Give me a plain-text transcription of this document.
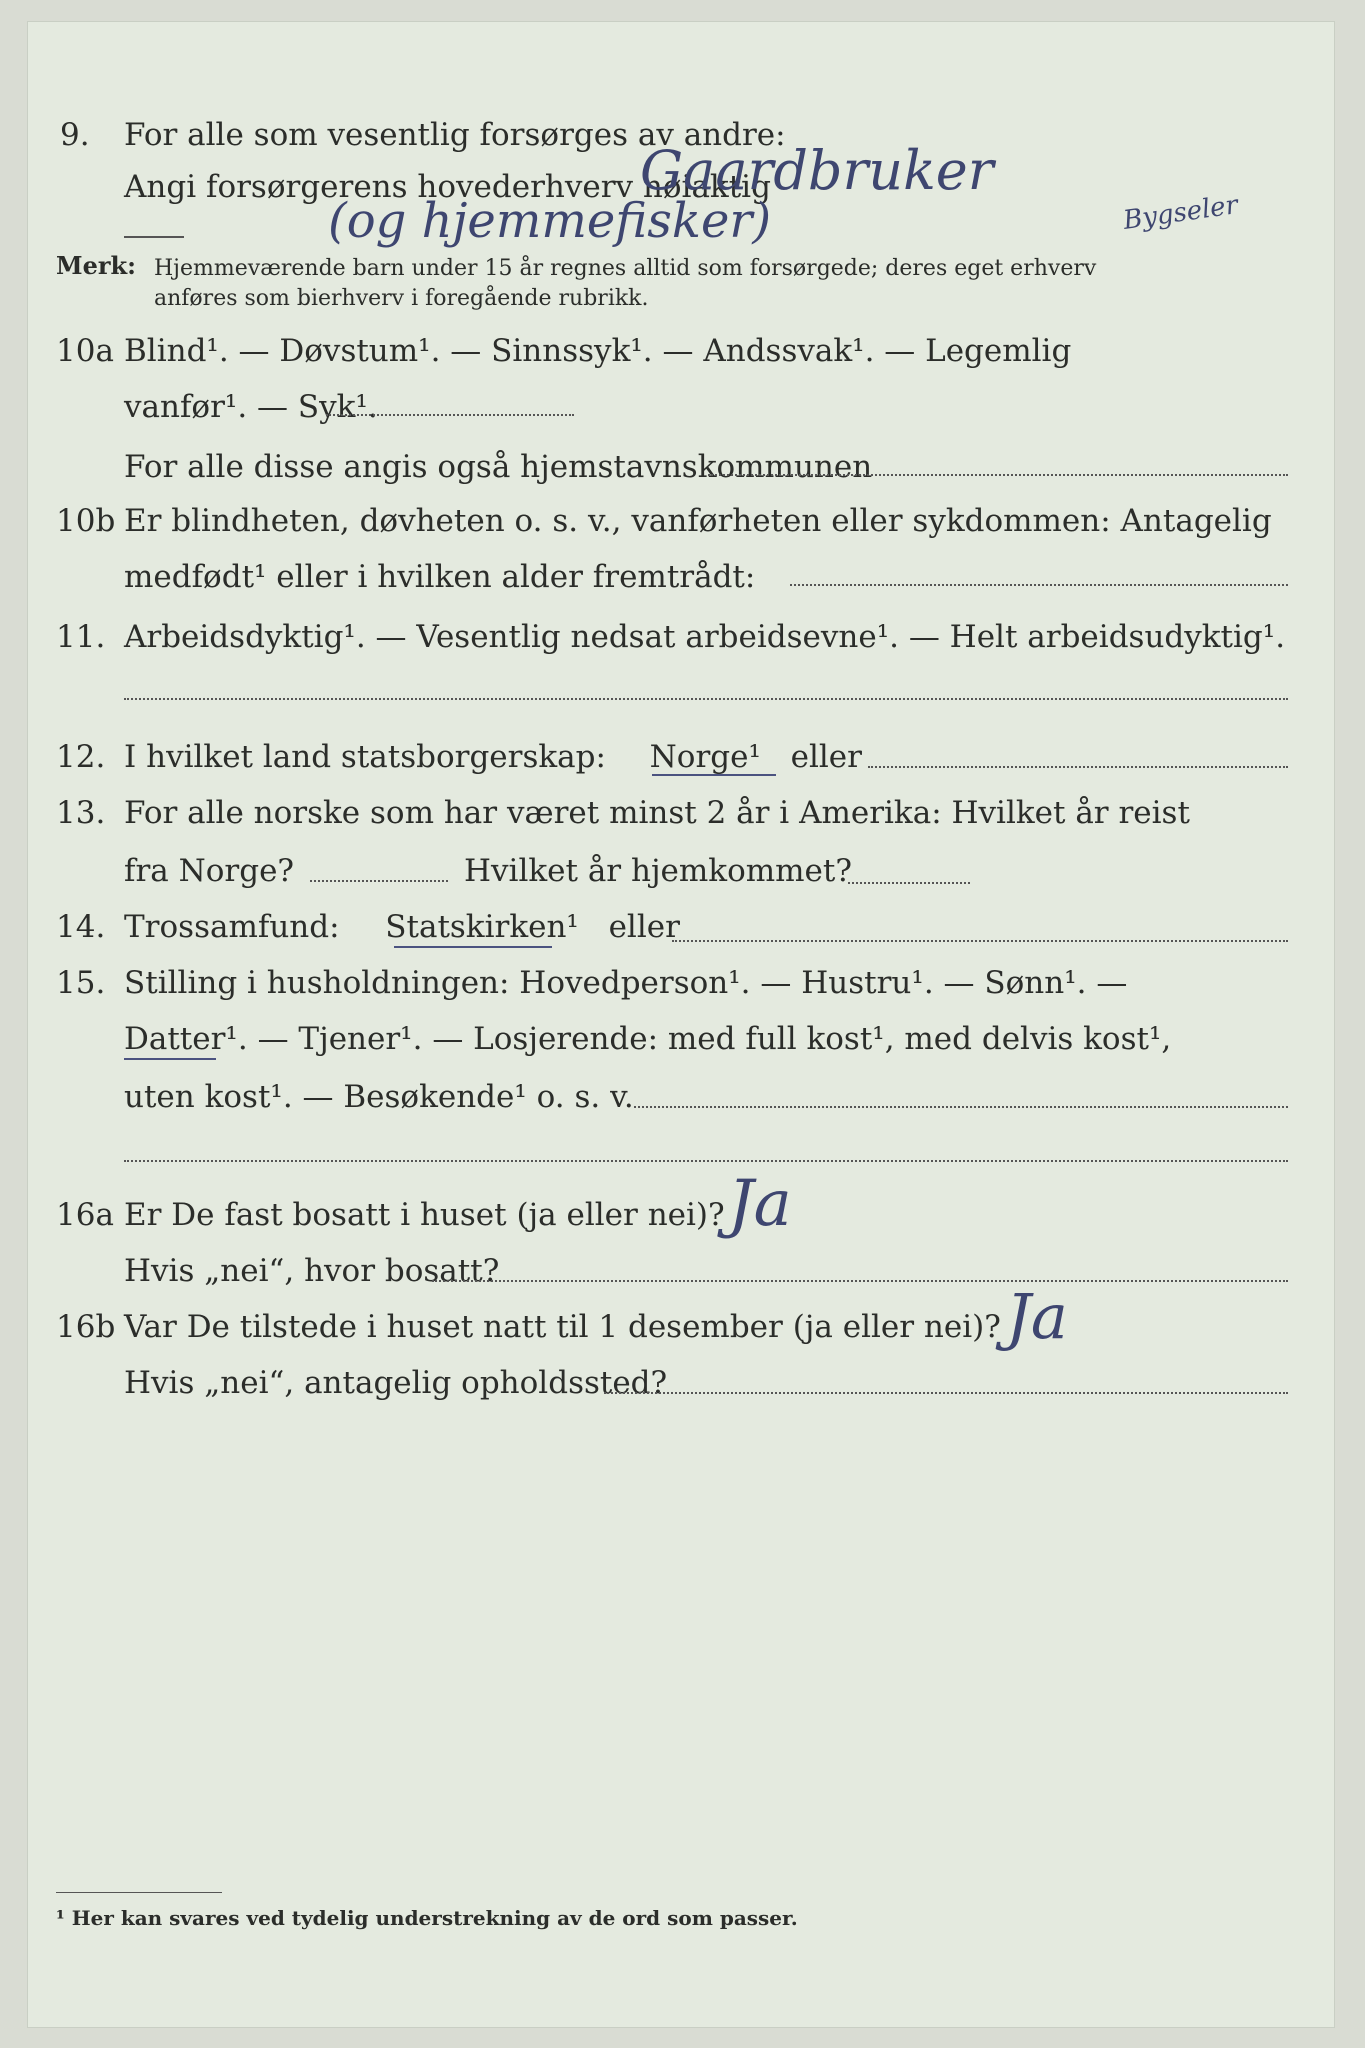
9. For alle som vesentlig forsørges av andre:
Angi forsørgerens hovederhverv nøiaktig
Gaardbruker
(og hjemmefisker)	Bygseler
Merk: Hjemmeværende barn under 15 år regnes alltid som forsørgede; deres eget erhverv
anføres som bierhverv i foregående rubrikk.
10a Blind¹. — Døvstum¹. — Sinnssyk¹. — Andssvak¹. — Legemlig
vanfør¹. — Syk¹.
For alle disse angis også hjemstavnskommunen
10b Er blindheten, døvheten o. s. v., vanførheten eller sykdommen: Antagelig
medfødt¹ eller i hvilken alder fremtrådt:
11. Arbeidsdyktig¹. — Vesentlig nedsat arbeidsevne¹. — Helt arbeidsudyktig¹.
12. I hvilket land statsborgerskap: Norge¹ eller
13. For alle norske som har været minst 2 år i Amerika: Hvilket år reist
fra Norge?	Hvilket år hjemkommet?
14. Trossamfund: Statskirken¹ eller
15. Stilling i husholdningen: Hovedperson¹. — Hustru¹. — Sønn¹. —
Datter¹. — Tjener¹. — Losjerende: med full kost¹, med delvis kost¹,
uten kost¹. — Besøkende¹ o. s. v.
16a Er De fast bosatt i huset (ja eller nei)? Ja
Hvis „nei“, hvor bosatt?
16b Var De tilstede i huset natt til 1 desember (ja eller nei)? Ja
Hvis „nei“, antagelig opholdssted?
¹ Her kan svares ved tydelig understrekning av de ord som passer.
